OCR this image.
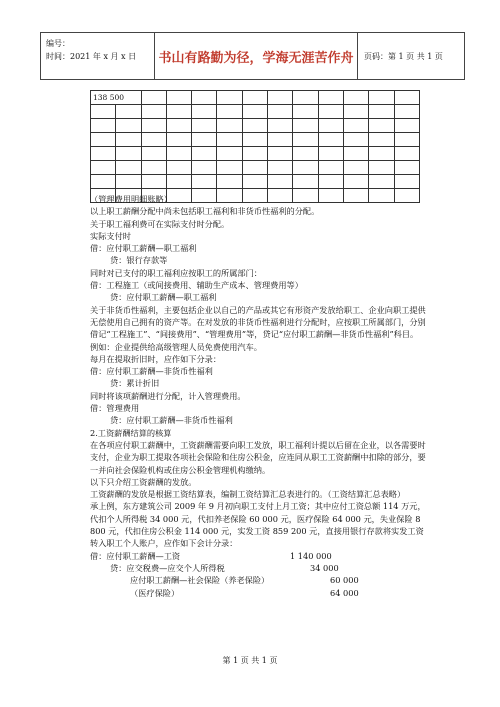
编号：
时间：2021 年 x 月 x 日	书山有路勤为径，学海无涯苦作舟	页码：第 1 页 共 1 页
138 500												

（管理费用明细账略）

以上职工薪酬分配中尚未包括职工福利和非货币性福利的分配。

关于职工福利费可在实际支付时分配。

实际支付时

借：应付职工薪酬—职工福利

贷：银行存款等

同时对已支付的职工福利应按职工的所属部门：

借：工程施工（或间接费用、辅助生产成本、管理费用等）

贷：应付职工薪酬—职工福利

关于非货币性福利，主要包括企业以自己的产品或其它有形资产发放给职工、企业向职工提供无偿使用自己拥有的资产等。在对发放的非货币性福利进行分配时，应按职工所属部门，分别借记“工程施工”、“间接费用”、“管理费用”等，贷记“应付职工薪酬—非货币性福利”科目。

例如：企业提供给高级管理人员免费使用汽车。

每月在提取折旧时，应作如下分录：

借：应付职工薪酬—非货币性福利

贷：累计折旧

同时将该项薪酬进行分配，计入管理费用。

借：管理费用

贷：应付职工薪酬—非货币性福利

2.工资薪酬结算的核算

在各项应付职工薪酬中，工资薪酬需要向职工发放，职工福利计提以后留在企业，以各需要时支付，企业为职工提取各项社会保险和住房公积金，应连同从职工工资薪酬中扣除的部分，要一并向社会保险机构或住房公积金管理机构缴纳。

以下只介绍工资薪酬的发放。

工资薪酬的发放是根据工资结算表，编制工资结算汇总表进行的。（工资结算汇总表略）

承上例，东方建筑公司 2009 年 9 月初向职工支付上月工资；其中应付工资总额 114 万元，代扣个人所得税 34 000 元，代扣养老保险 60 000 元，医疗保险 64 000 元，失业保险 8 800 元，代扣住房公积金 114 000 元，实发工资 859 200 元，直接用银行存款将实发工资转入职工个人账户，应作如下会计分录：

借：应付职工薪酬—工资	1 140 000

贷：应交税费—应交个人所得税	34 000

应付职工薪酬—社会保险（养老保险）	60 000

（医疗保险）	64 000

第 1 页 共 1 页
